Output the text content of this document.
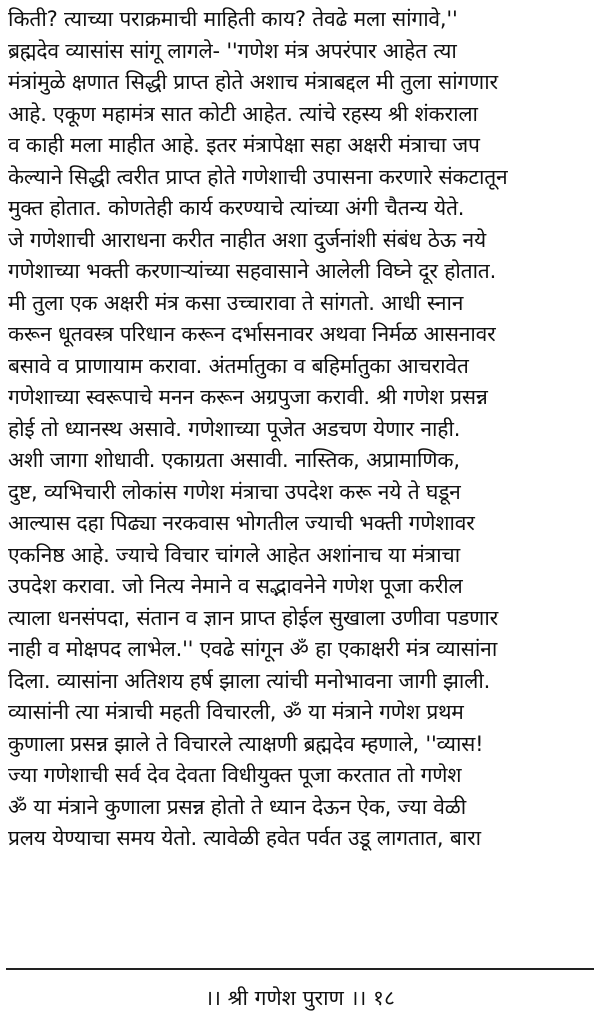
किती? त्याच्या पराक्रमाची माहिती काय? तेवढे मला सांगावे,''
ब्रह्मदेव व्यासांस सांगू लागले- ''गणेश मंत्र अपरंपार आहेत त्या
मंत्रांमुळे क्षणात सिद्धी प्राप्त होते अशाच मंत्राबद्दल मी तुला सांगणार
आहे. एकूण महामंत्र सात कोटी आहेत. त्यांचे रहस्य श्री शंकराला
व काही मला माहीत आहे. इतर मंत्रापेक्षा सहा अक्षरी मंत्राचा जप
केल्याने सिद्धी त्वरीत प्राप्त होते गणेशाची उपासना करणारे संकटातून
मुक्त होतात. कोणतेही कार्य करण्याचे त्यांच्या अंगी चैतन्य येते.
जे गणेशाची आराधना करीत नाहीत अशा दुर्जनांशी संबंध ठेऊ नये
गणेशाच्या भक्ती करणाऱ्यांच्या सहवासाने आलेली विघ्ने दूर होतात.
मी तुला एक अक्षरी मंत्र कसा उच्चारावा ते सांगतो. आधी स्नान
करून धूतवस्त्र परिधान करून दर्भासनावर अथवा निर्मळ आसनावर
बसावे व प्राणायाम करावा. अंतर्मातुका व बहिर्मातुका आचरावेत
गणेशाच्या स्वरूपाचे मनन करून अग्रपुजा करावी. श्री गणेश प्रसन्न
होई तो ध्यानस्थ असावे. गणेशाच्या पूजेत अडचण येणार नाही.
अशी जागा शोधावी. एकाग्रता असावी. नास्तिक, अप्रामाणिक,
दुष्ट, व्यभिचारी लोकांस गणेश मंत्राचा उपदेश करू नये ते घडून
आल्यास दहा पिढ्या नरकवास भोगतील ज्याची भक्ती गणेशावर
एकनिष्ठ आहे. ज्याचे विचार चांगले आहेत अशांनाच या मंत्राचा
उपदेश करावा. जो नित्य नेमाने व सद्भावनेने गणेश पूजा करील
त्याला धनसंपदा, संतान व ज्ञान प्राप्त होईल सुखाला उणीवा पडणार
नाही व मोक्षपद लाभेल.'' एवढे सांगून ॐ हा एकाक्षरी मंत्र व्यासांना
दिला. व्यासांना अतिशय हर्ष झाला त्यांची मनोभावना जागी झाली.
व्यासांनी त्या मंत्राची महती विचारली, ॐ या मंत्राने गणेश प्रथम
कुणाला प्रसन्न झाले ते विचारले त्याक्षणी ब्रह्मदेव म्हणाले, ''व्यास!
ज्या गणेशाची सर्व देव देवता विधीयुक्त पूजा करतात तो गणेश
ॐ या मंत्राने कुणाला प्रसन्न होतो ते ध्यान देऊन ऐक, ज्या वेळी
प्रलय येण्याचा समय येतो. त्यावेळी हवेत पर्वत उडू लागतात, बारा
।। श्री गणेश पुराण ।। १८
